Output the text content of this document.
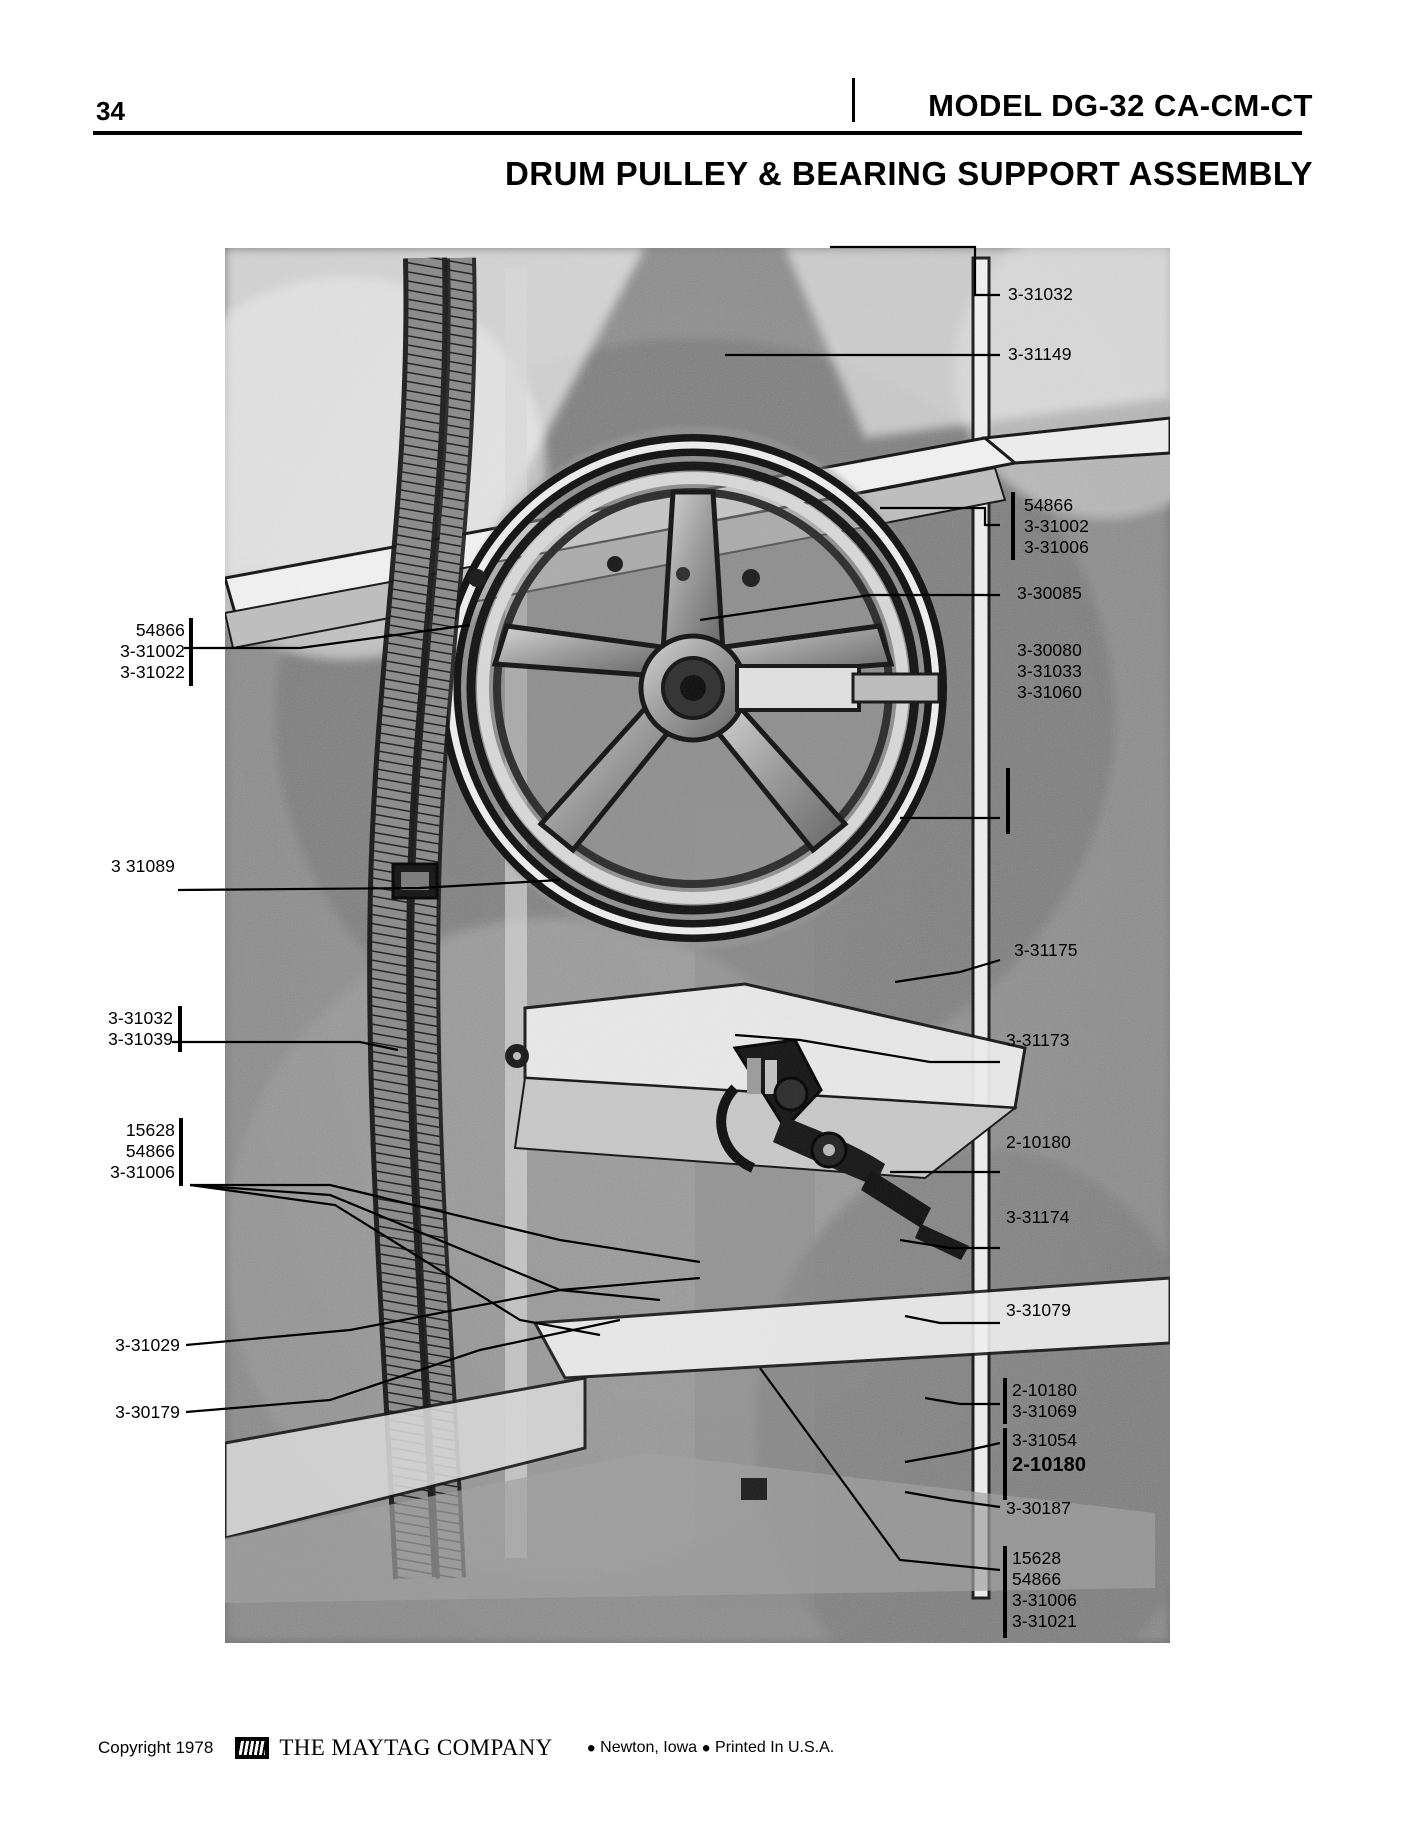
34	MODEL DG-32 CA-CM-CT
DRUM PULLEY & BEARING SUPPORT ASSEMBLY
3-31032
3-31149
54866
3-31002
3-31006
3-30085
3-30080
3-31033
3-31060
3-31175
3-31173
2-10180
3-31174
3-31079
2-10180
3-31069
3-31054
2-10180
3-30187
15628
54866
3-31006
3-31021
54866
3-31002
3-31022
3 31089
3-31032
3-31039
15628
54866
3-31006
3-31029
3-30179
Copyright 1978	THE MAYTAG COMPANY ● Newton, Iowa ● Printed In U.S.A.
